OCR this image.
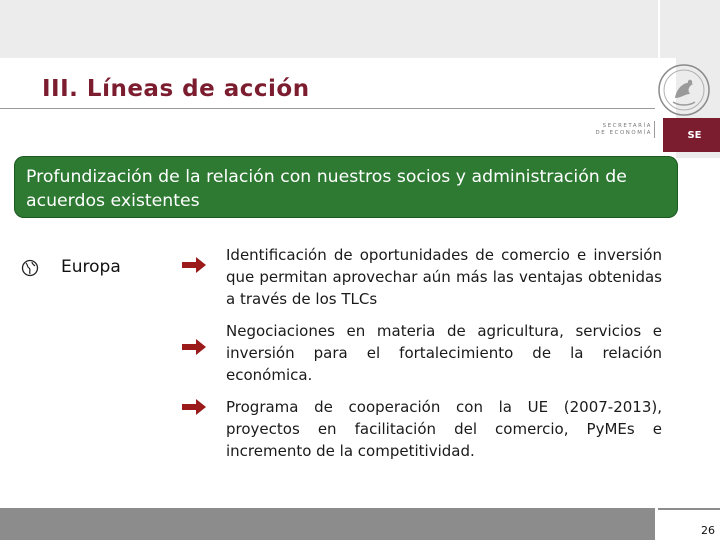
III. Líneas de acción
SECRETARÍA
DE ECONOMÍA	SE
Profundización de la relación con nuestros socios y administración de acuerdos existentes
Europa
Identificación de oportunidades de comercio e inversión que permitan aprovechar aún más las ventajas obtenidas a través de los TLCs
Negociaciones en materia de agricultura, servicios e inversión para el fortalecimiento de la relación económica.
Programa de cooperación con la UE (2007-2013), proyectos en facilitación del comercio, PyMEs e incremento de la competitividad.
26
